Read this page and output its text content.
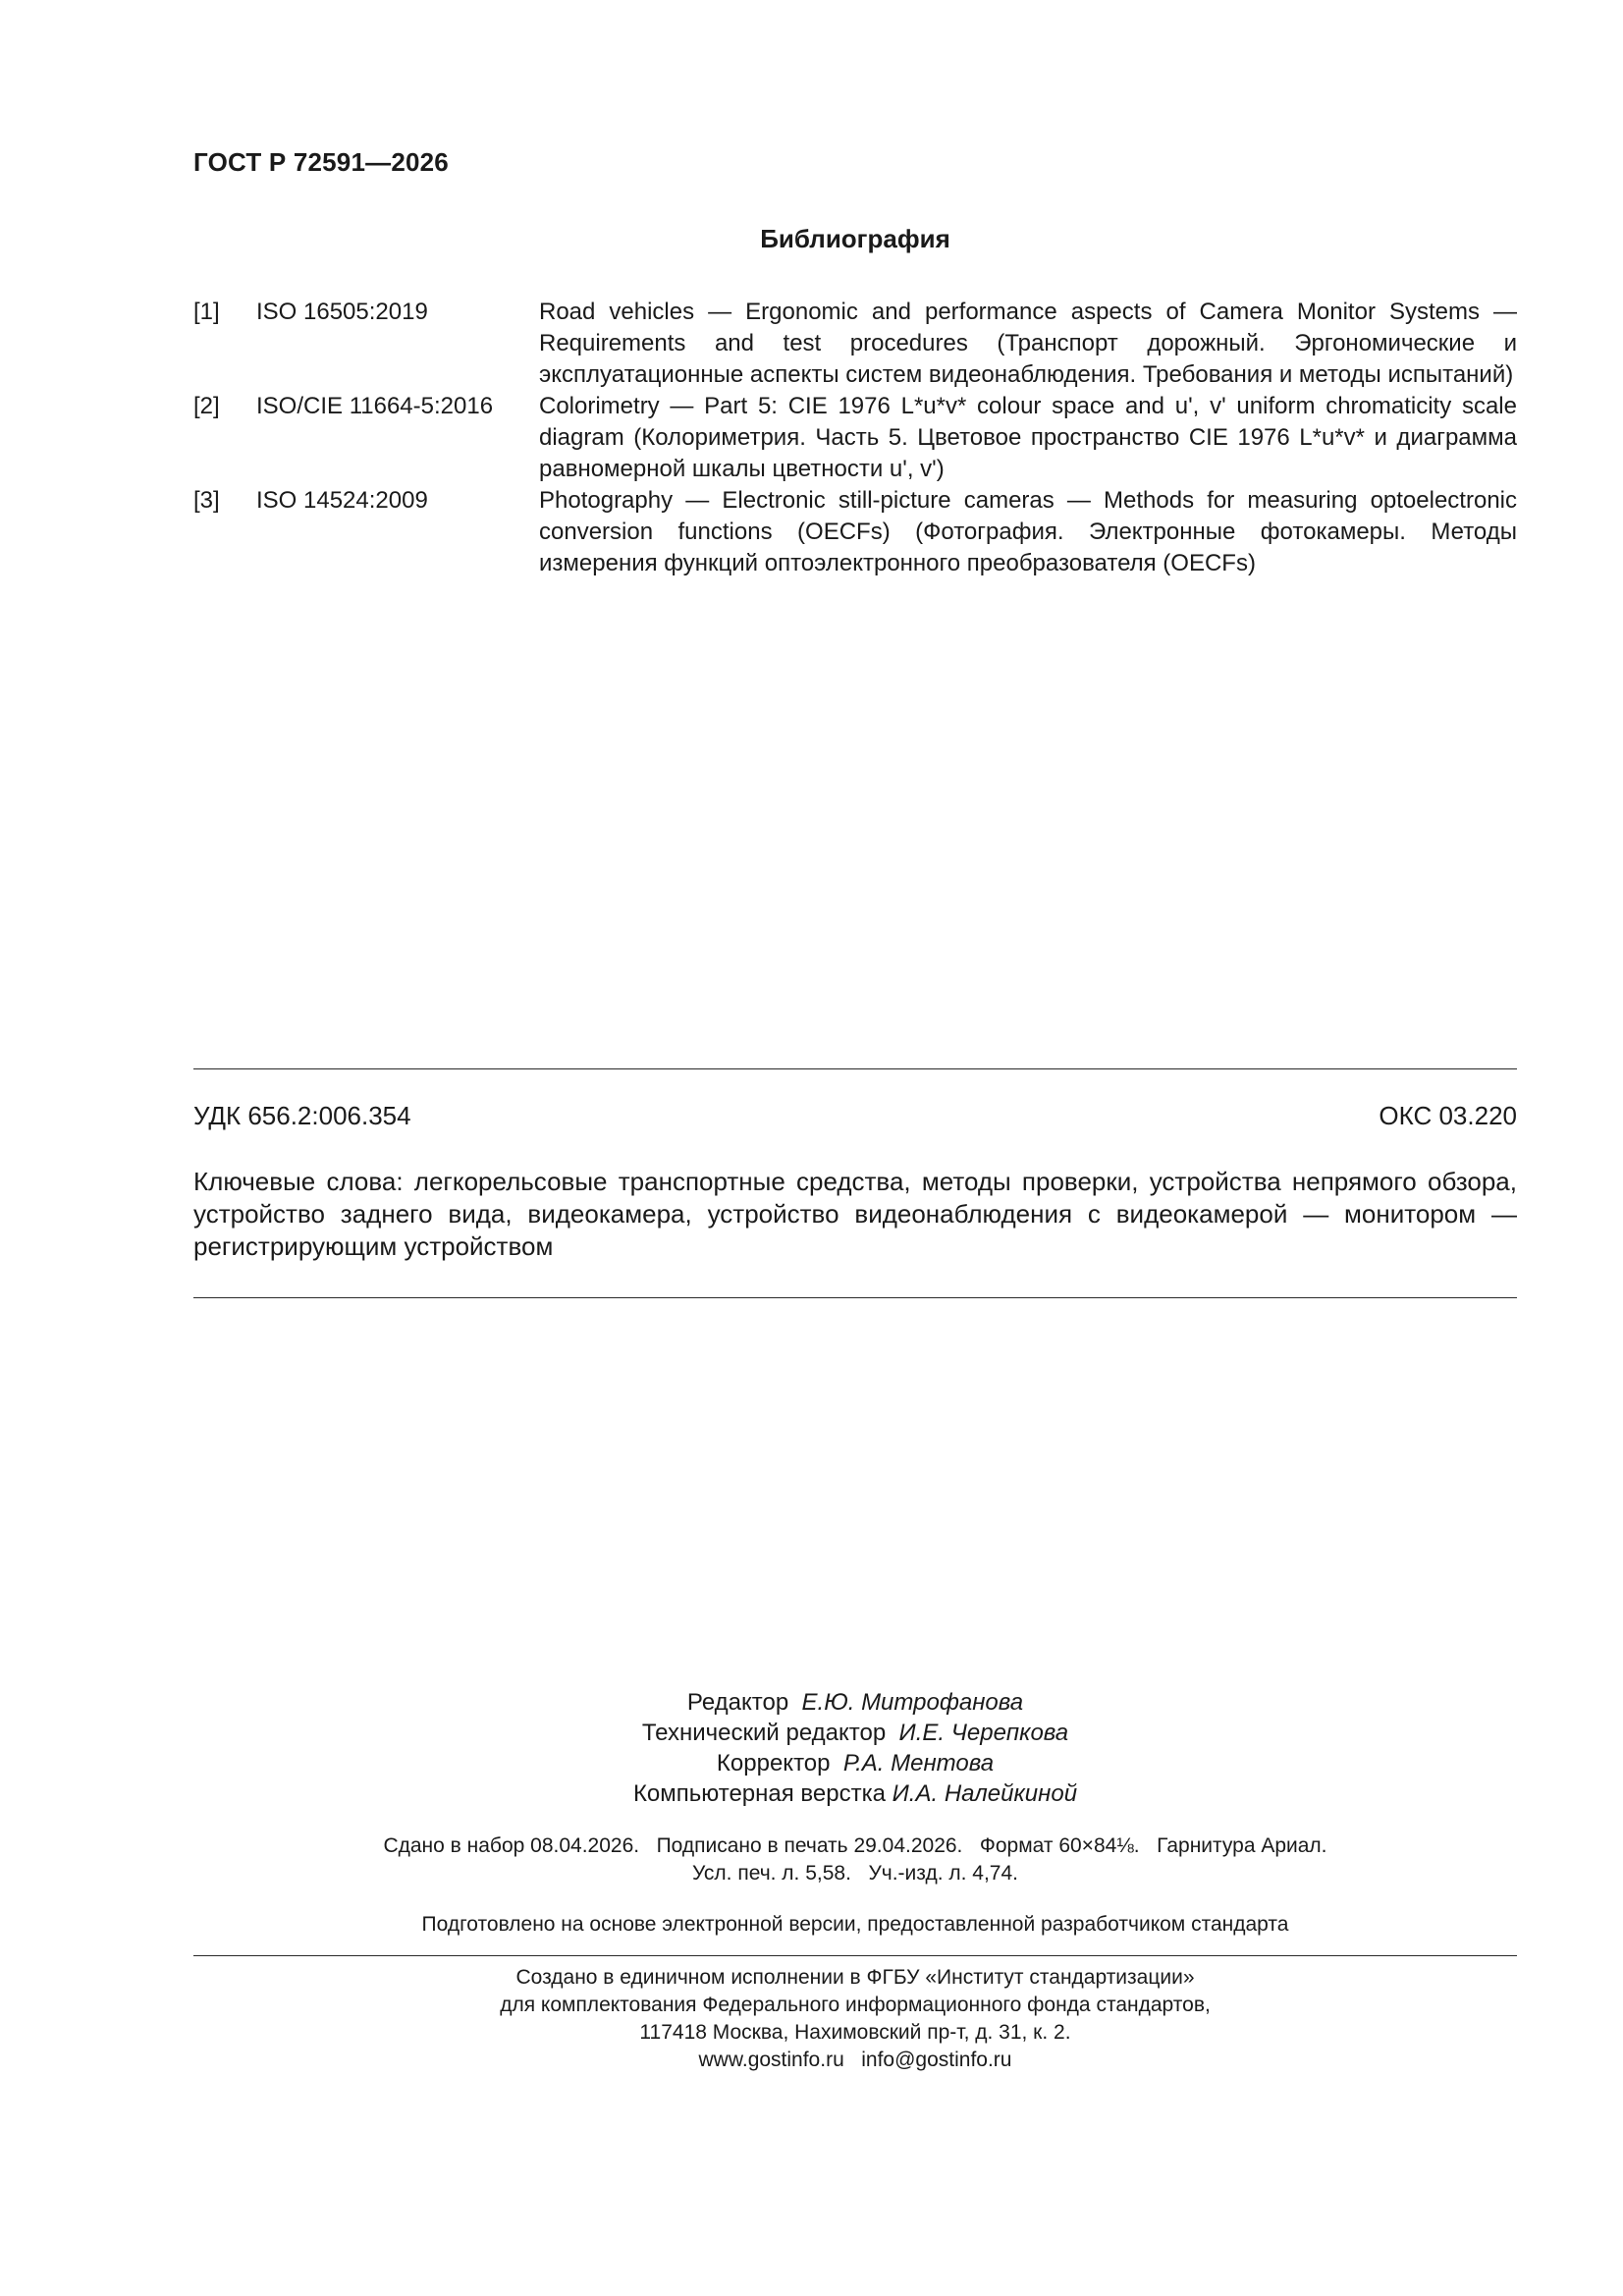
ГОСТ Р 72591—2026
Библиография
[1]	ISO 16505:2019	Road vehicles — Ergonomic and performance aspects of Camera Monitor Systems — Requirements and test procedures (Транспорт дорожный. Эргономические и эксплуатационные аспекты систем видеонаблюдения. Требования и методы испытаний)
[2]	ISO/CIE 11664-5:2016	Colorimetry — Part 5: CIE 1976 L*u*v* colour space and u', v' uniform chromaticity scale diagram (Колориметрия. Часть 5. Цветовое пространство CIE 1976 L*u*v* и диаграмма равномерной шкалы цветности u', v')
[3]	ISO 14524:2009	Photography — Electronic still-picture cameras — Methods for measuring optoelectronic conversion functions (OECFs) (Фотография. Электронные фотокамеры. Методы измерения функций оптоэлектронного преобразователя (OECFs)
УДК 656.2:006.354	ОКС 03.220
Ключевые слова: легкорельсовые транспортные средства, методы проверки, устройства непрямого обзора, устройство заднего вида, видеокамера, устройство видеонаблюдения с видеокамерой — монитором — регистрирующим устройством
Редактор Е.Ю. Митрофанова
Технический редактор И.Е. Черепкова
Корректор Р.А. Ментова
Компьютерная верстка И.А. Налейкиной
Сдано в набор 08.04.2026.   Подписано в печать 29.04.2026.   Формат 60×84⅛.   Гарнитура Ариал.
Усл. печ. л. 5,58.   Уч.-изд. л. 4,74.
Подготовлено на основе электронной версии, предоставленной разработчиком стандарта
Создано в единичном исполнении в ФГБУ «Институт стандартизации»
для комплектования Федерального информационного фонда стандартов,
117418 Москва, Нахимовский пр-т, д. 31, к. 2.
www.gostinfo.ru   info@gostinfo.ru
